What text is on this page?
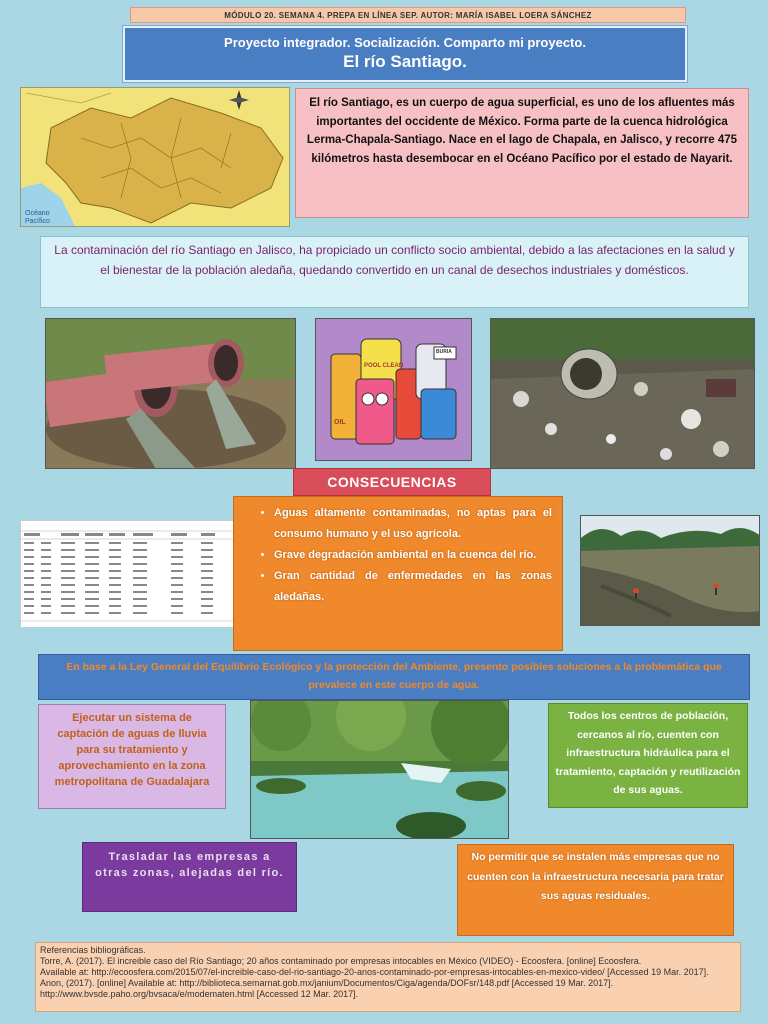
MÓDULO 20. SEMANA 4. PREPA EN LÍNEA SEP. AUTOR: MARÍA ISABEL LOERA SÁNCHEZ
Proyecto integrador. Socialización. Comparto mi proyecto.
El río Santiago.
Océano Pacífico
El río Santiago, es un cuerpo de agua superficial, es uno de los afluentes más importantes del occidente de México. Forma parte de la cuenca hidrológica Lerma-Chapala-Santiago. Nace en el lago de Chapala, en Jalisco, y recorre 475 kilómetros hasta desembocar en el Océano Pacífico por el estado de Nayarit.
La contaminación del río Santiago en Jalisco, ha propiciado un conflicto socio ambiental, debido a las afectaciones en la salud y el bienestar de la población aledaña, quedando convertido en un canal de desechos industriales y domésticos.
POOL CLEAN
OIL
BURIA
CONSECUENCIAS
• Aguas altamente contaminadas, no aptas para el consumo humano y el uso agrícola.
• Grave degradación ambiental en la cuenca del río.
• Gran cantidad de enfermedades en las zonas aledañas.
En base a la Ley General del Equilibrio Ecológico y la protección del Ambiente, presento posibles soluciones a la problemática que prevalece en este cuerpo de agua.
Ejecutar un sistema de captación de aguas de lluvia para su tratamiento y aprovechamiento en la zona metropolitana de Guadalajara
Todos los centros de población, cercanos al río, cuenten con infraestructura hidráulica para el tratamiento, captación y reutilización de sus aguas.
Trasladar las empresas a otras zonas, alejadas del río.
No permitir que se instalen más empresas que no cuenten con la infraestructura necesaria para tratar sus aguas residuales.
Referencias bibliográficas.
Torre, A. (2017). El increible caso del Río Santiago; 20 años contaminado por empresas intocables en México (VIDEO) - Ecoosfera. [online] Ecoosfera.
Available at: http://ecoosfera.com/2015/07/el-increible-caso-del-rio-santiago-20-anos-contaminado-por-empresas-intocables-en-mexico-video/ [Accessed 19 Mar. 2017].
Anon, (2017). [online] Available at: http://biblioteca.semarnat.gob.mx/janium/Documentos/Ciga/agenda/DOFsr/148.pdf [Accessed 19 Mar. 2017].
http://www.bvsde.paho.org/bvsaca/e/modematen.html [Accessed 12 Mar. 2017].
